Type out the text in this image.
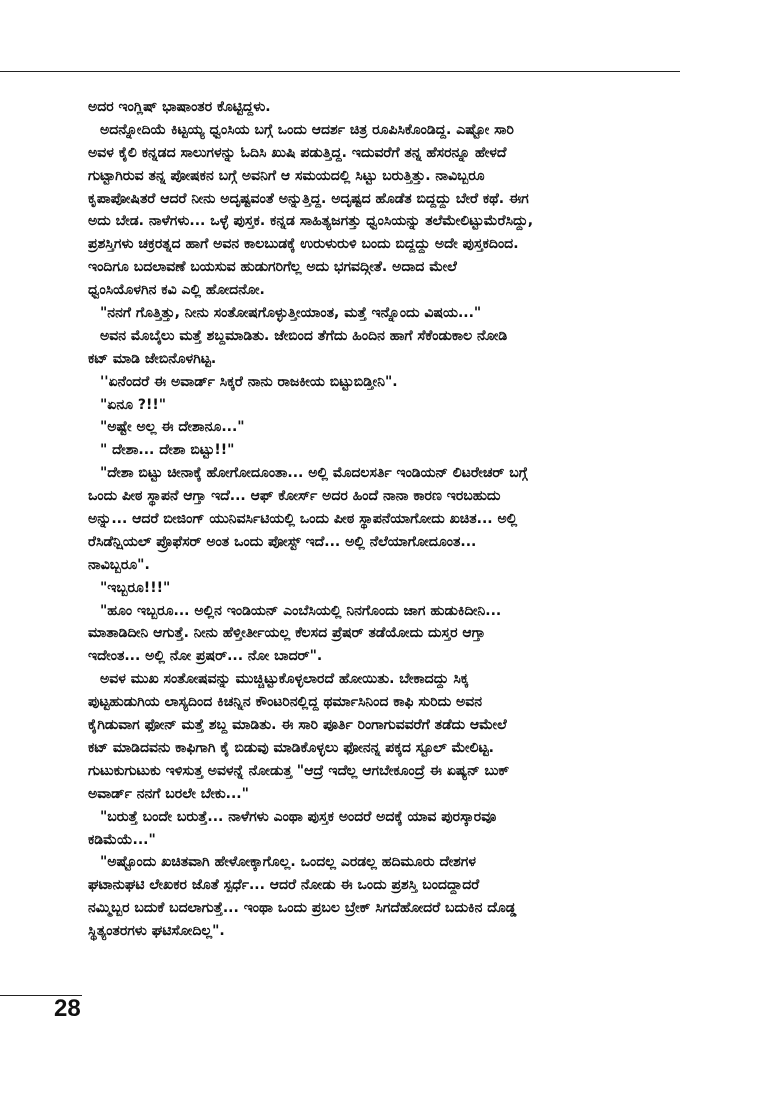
ಅದರ ಇಂಗ್ಲಿಷ್ ಭಾಷಾಂತರ ಕೊಟ್ಟಿದ್ದಳು.
ಅದನ್ನೋದಿಯೆ ಕಿಟ್ಟಯ್ಯ ಧ್ವಂಸಿಯ ಬಗ್ಗೆ ಒಂದು ಆದರ್ಶ ಚಿತ್ರ ರೂಪಿಸಿಕೊಂಡಿದ್ದ. ಎಷ್ಟೋ ಸಾರಿ
ಅವಳ ಕೈಲಿ ಕನ್ನಡದ ಸಾಲುಗಳನ್ನು ಓದಿಸಿ ಖುಷಿ ಪಡುತ್ತಿದ್ದ. ಇದುವರೆಗೆ ತನ್ನ ಹೆಸರನ್ನೂ ಹೇಳದೆ
ಗುಟ್ಟಾಗಿರುವ ತನ್ನ ಪೋಷಕನ ಬಗ್ಗೆ ಅವನಿಗೆ ಆ ಸಮಯದಲ್ಲಿ ಸಿಟ್ಟು ಬರುತ್ತಿತ್ತು. ನಾವಿಬ್ಬರೂ
ಕೃಪಾಪೋಷಿತರೆ ಆದರೆ ನೀನು ಅದೃಷ್ಟವಂತೆ ಅನ್ನುತ್ತಿದ್ದ. ಅದೃಷ್ಟದ ಹೊಡೆತ ಬಿದ್ದದ್ದು ಬೇರೆ ಕಥೆ. ಈಗ
ಅದು ಬೇಡ. ನಾಳೆಗಳು... ಒಳ್ಳೆ ಪುಸ್ತಕ. ಕನ್ನಡ ಸಾಹಿತ್ಯಜಗತ್ತು ಧ್ವಂಸಿಯನ್ನು ತಲೆಮೇಲಿಟ್ಟುಮೆರೆಸಿದ್ದು,
ಪ್ರಶಸ್ತಿಗಳು ಚಕ್ರರತ್ನದ ಹಾಗೆ ಅವನ ಕಾಲಬುಡಕ್ಕೆ ಉರುಳುರುಳಿ ಬಂದು ಬಿದ್ದದ್ದು ಅದೇ ಪುಸ್ತಕದಿಂದ.
ಇಂದಿಗೂ ಬದಲಾವಣೆ ಬಯಸುವ ಹುಡುಗರಿಗೆಲ್ಲ ಅದು ಭಗವದ್ಗೀತೆ. ಅದಾದ ಮೇಲೆ
ಧ್ವಂಸಿಯೊಳಗಿನ ಕವಿ ಎಲ್ಲಿ ಹೋದನೋ.
"ನನಗೆ ಗೊತ್ತಿತ್ತು, ನೀನು ಸಂತೋಷಗೊಳ್ಳುತ್ತೀಯಾಂತ, ಮತ್ತೆ ಇನ್ನೊಂದು ವಿಷಯ..."
ಅವನ ಮೊಬೈಲು ಮತ್ತೆ ಶಬ್ದಮಾಡಿತು. ಜೇಬಿಂದ ತೆಗೆದು ಹಿಂದಿನ ಹಾಗೆ ಸೆಕೆಂಡುಕಾಲ ನೋಡಿ
ಕಟ್ ಮಾಡಿ ಜೇಬಿನೊಳಗಿಟ್ಟ.
''ಏನೆಂದರೆ ಈ ಅವಾರ್ಡ್ ಸಿಕ್ಕರೆ ನಾನು ರಾಜಕೀಯ ಬಿಟ್ಟುಬಿಡ್ತೀನಿ".
"ಏನೂ ?!!"
"ಅಷ್ಟೇ ಅಲ್ಲ ಈ ದೇಶಾನೂ..."
" ದೇಶಾ... ದೇಶಾ ಬಿಟ್ಟು!!"
"ದೇಶಾ ಬಿಟ್ಟು ಚೀನಾಕ್ಕೆ ಹೋಗೋದೂಂತಾ... ಅಲ್ಲಿ ಮೊದಲಸರ್ತಿ ಇಂಡಿಯನ್ ಲಿಟರೇಚರ್ ಬಗ್ಗೆ
ಒಂದು ಪೀಠ ಸ್ಥಾಪನೆ ಆಗ್ತಾ ಇದೆ... ಆಫ್ ಕೋರ್ಸ್ ಅದರ ಹಿಂದೆ ನಾನಾ ಕಾರಣ ಇರಬಹುದು
ಅನ್ನು... ಆದರೆ ಬೀಜಿಂಗ್ ಯುನಿವರ್ಸಿಟಿಯಲ್ಲಿ ಒಂದು ಪೀಠ ಸ್ಥಾಪನೆಯಾಗೋದು ಖಚಿತ... ಅಲ್ಲಿ
ರೆಸಿಡೆನ್ಷಿಯಲ್ ಪ್ರೊಫೆಸರ್ ಅಂತ ಒಂದು ಪೋಸ್ಟ್ ಇದೆ... ಅಲ್ಲಿ ನೆಲೆಯಾಗೋದೂಂತ...
ನಾವಿಬ್ಬರೂ".
"ಇಬ್ಬರೂ!!!"
"ಹೂಂ ಇಬ್ಬರೂ... ಅಲ್ಲಿನ ಇಂಡಿಯನ್ ಎಂಬೆಸಿಯಲ್ಲಿ ನಿನಗೊಂದು ಜಾಗ ಹುಡುಕಿದೀನಿ...
ಮಾತಾಡಿದೀನಿ ಆಗುತ್ತೆ. ನೀನು ಹೆಳ್ತೀರ್ತೀಯಲ್ಲ ಕೆಲಸದ ಪ್ರೆಷರ್ ತಡೆಯೋದು ದುಸ್ತರ ಆಗ್ತಾ
ಇದೇಂತ... ಅಲ್ಲಿ ನೋ ಪ್ರಷರ್... ನೋ ಬಾದರ್".
ಅವಳ ಮುಖ ಸಂತೋಷವನ್ನು ಮುಚ್ಚಿಟ್ಟುಕೊಳ್ಳಲಾರದೆ ಹೋಯಿತು. ಬೇಕಾದದ್ದು ಸಿಕ್ಕ
ಪುಟ್ಟಹುಡುಗಿಯ ಲಾಸ್ಯದಿಂದ ಕಿಚನ್ನಿನ ಕೌಂಟರಿನಲ್ಲಿದ್ದ ಥರ್ಮಾಸಿನಿಂದ ಕಾಫಿ ಸುರಿದು ಅವನ
ಕೈಗಿಡುವಾಗ ಫೋನ್ ಮತ್ತೆ ಶಬ್ದ ಮಾಡಿತು. ಈ ಸಾರಿ ಪೂರ್ತಿ ರಿಂಗಾಗುವವರೆಗೆ ತಡೆದು ಆಮೇಲೆ
ಕಟ್ ಮಾಡಿದವನು ಕಾಫಿಗಾಗಿ ಕೈ ಬಿಡುವು ಮಾಡಿಕೊಳ್ಳಲು ಫೋನನ್ನ ಪಕ್ಕದ ಸ್ಟೂಲ್ ಮೇಲಿಟ್ಟ.
ಗುಟುಕುಗುಟುಕು ಇಳಿಸುತ್ತ ಅವಳನ್ನೆ ನೋಡುತ್ತ "ಆದ್ರೆ ಇದೆಲ್ಲ ಆಗಬೇಕೂಂದ್ರೆ ಈ ಏಷ್ಯನ್ ಬುಕ್
ಅವಾರ್ಡ್ ನನಗೆ ಬರಲೇ ಬೇಕು..."
"ಬರುತ್ತೆ ಬಂದೇ ಬರುತ್ತೆ... ನಾಳೆಗಳು ಎಂಥಾ ಪುಸ್ತಕ ಅಂದರೆ ಅದಕ್ಕೆ ಯಾವ ಪುರಸ್ಕಾರವೂ
ಕಡಿಮೆಯೆ..."
"ಅಷ್ಟೊಂದು ಖಚಿತವಾಗಿ ಹೇಳೋಕ್ಕಾಗೊಲ್ಲ. ಒಂದಲ್ಲ ಎರಡಲ್ಲ ಹದಿಮೂರು ದೇಶಗಳ
ಘಟಾನುಘಟಿ ಲೇಖಕರ ಜೊತೆ ಸ್ಪರ್ಧೆ... ಆದರೆ ನೋಡು ಈ ಒಂದು ಪ್ರಶಸ್ತಿ ಬಂದದ್ದಾದರೆ
ನಮ್ಮಿಬ್ಬರ ಬದುಕೆ ಬದಲಾಗುತ್ತೆ... ಇಂಥಾ ಒಂದು ಪ್ರಬಲ ಬ್ರೇಕ್ ಸಿಗದೆಹೋದರೆ ಬದುಕಿನ ದೊಡ್ಡ
ಸ್ಥಿತ್ಯಂತರಗಳು ಘಟಿಸೋದಿಲ್ಲ".
28
